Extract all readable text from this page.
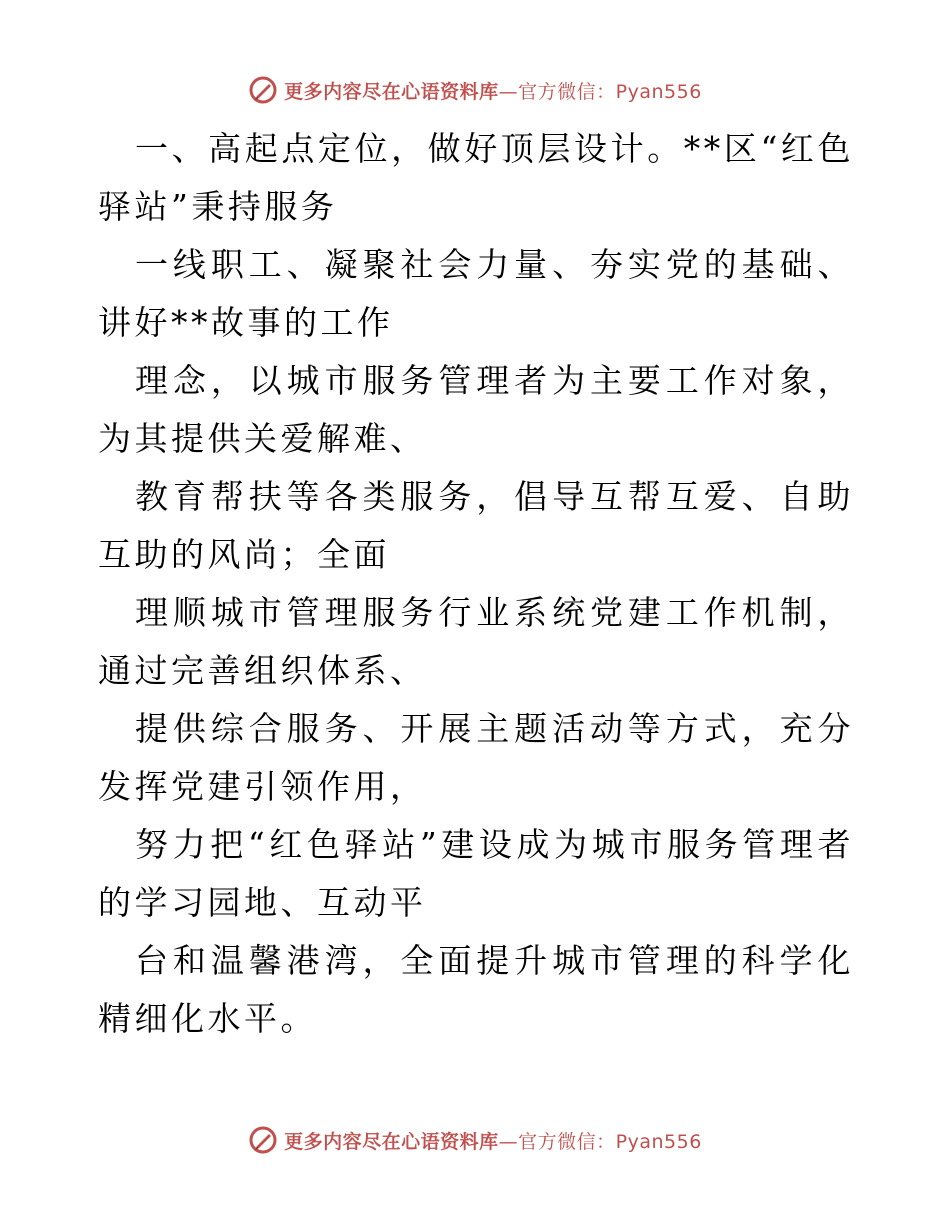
更多内容尽在心语资料库—官方微信：Pyan556

一、高起点定位，做好顶层设计。**区“红色驿站”秉持服务

一线职工、凝聚社会力量、夯实党的基础、讲好**故事的工作

理念，以城市服务管理者为主要工作对象，为其提供关爱解难、

教育帮扶等各类服务，倡导互帮互爱、自助互助的风尚；全面

理顺城市管理服务行业系统党建工作机制，通过完善组织体系、

提供综合服务、开展主题活动等方式，充分发挥党建引领作用，

努力把“红色驿站”建设成为城市服务管理者的学习园地、互动平

台和温馨港湾，全面提升城市管理的科学化精细化水平。

更多内容尽在心语资料库—官方微信：Pyan556
